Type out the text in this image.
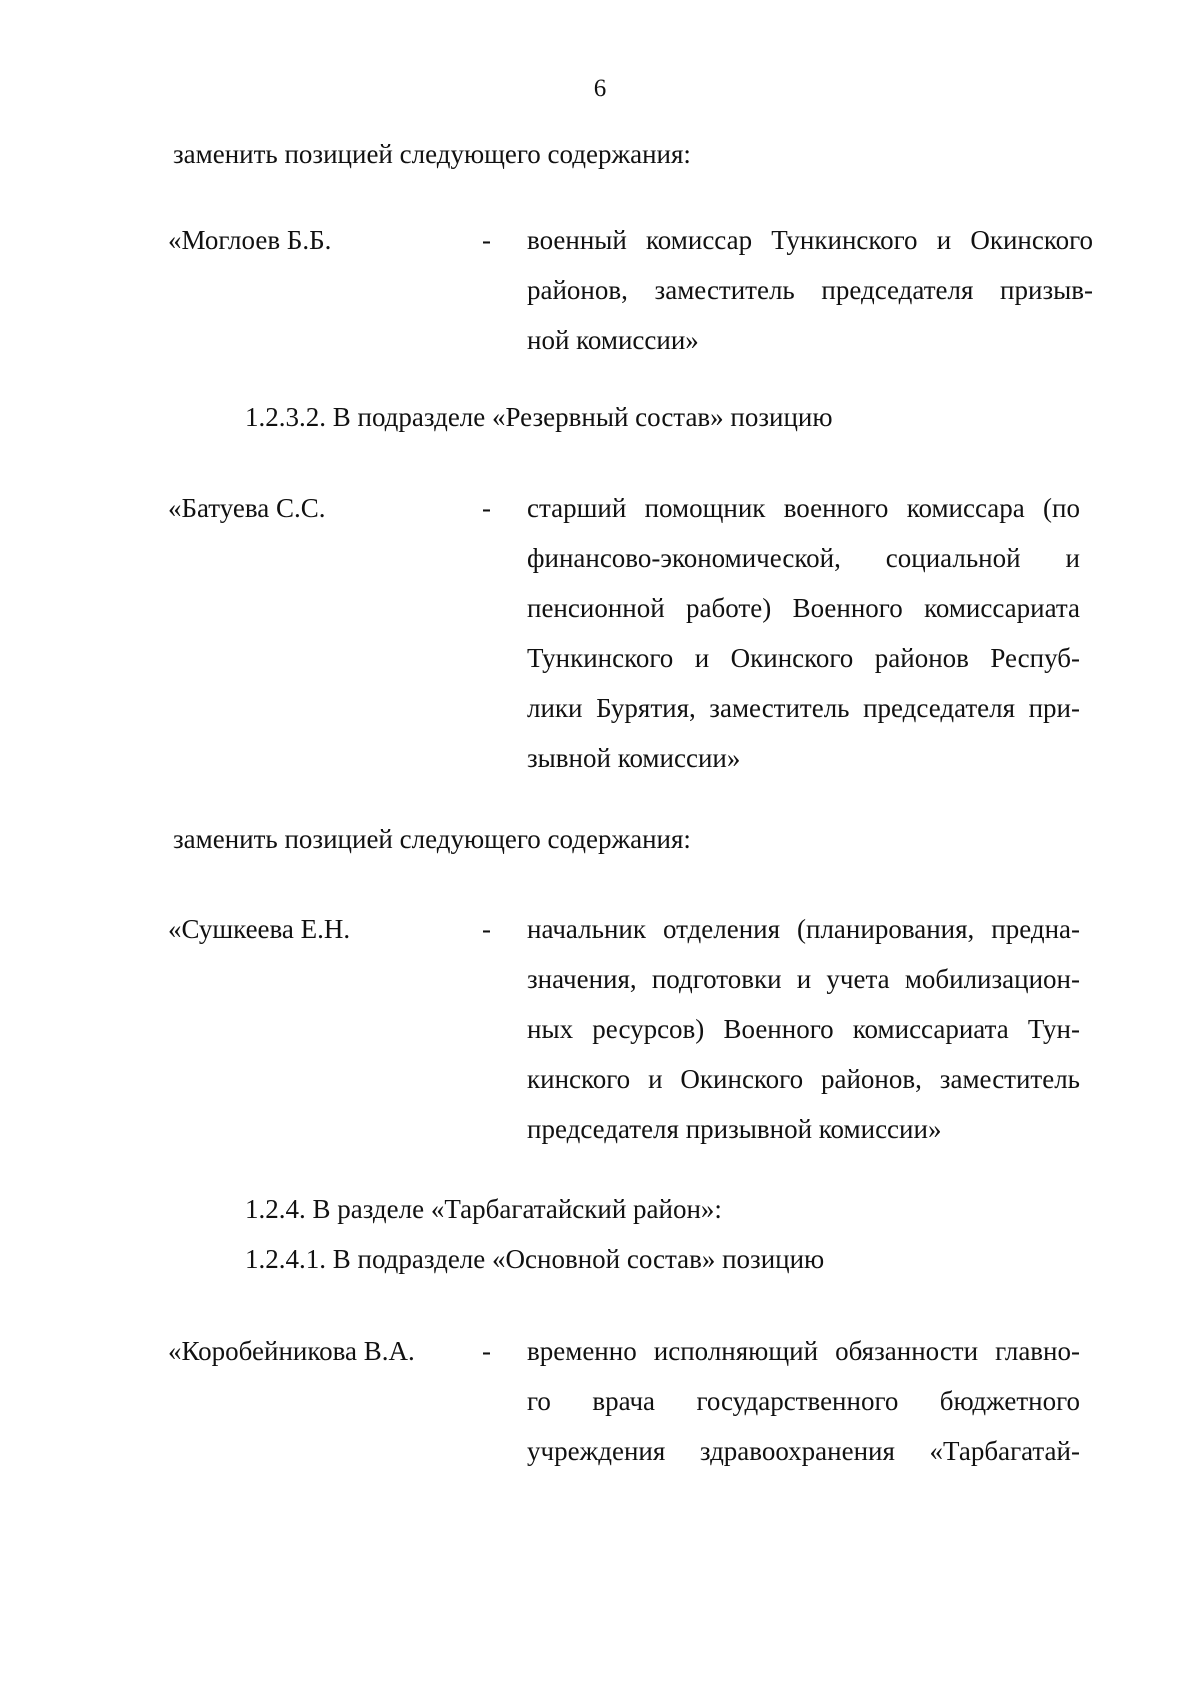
6
заменить позицией следующего содержания:
«Моглоев Б.Б.	- военный комиссар Тункинского и Окинского
районов, заместитель председателя призыв-
ной комиссии»
1.2.3.2. В подразделе «Резервный состав» позицию
«Батуева С.С.	- старший помощник военного комиссара (по
финансово-экономической, социальной и
пенсионной работе) Военного комиссариата
Тункинского и Окинского районов Респуб-
лики Бурятия, заместитель председателя при-
зывной комиссии»
заменить позицией следующего содержания:
«Сушкеева Е.Н.	- начальник отделения (планирования, предна-
значения, подготовки и учета мобилизацион-
ных ресурсов) Военного комиссариата Тун-
кинского и Окинского районов, заместитель
председателя призывной комиссии»
1.2.4. В разделе «Тарбагатайский район»:
1.2.4.1. В подразделе «Основной состав» позицию
«Коробейникова В.А. - временно исполняющий обязанности главно-
го врача государственного бюджетного
учреждения здравоохранения «Тарбагатай-
